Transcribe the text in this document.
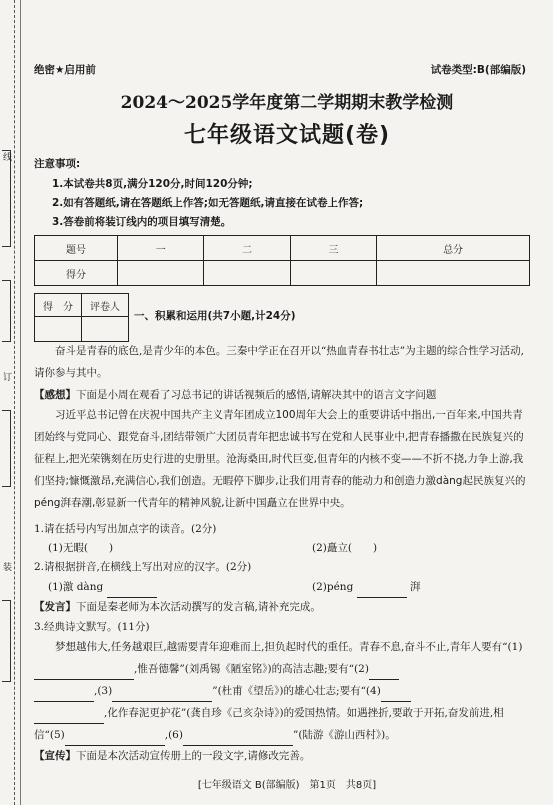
线
订
装
绝密★启用前	试卷类型:B(部编版)
2024～2025学年度第二学期期末教学检测
七年级语文试题(卷)
注意事项:
1.本试卷共8页,满分120分,时间120分钟;
2.如有答题纸,请在答题纸上作答;如无答题纸,请直接在试卷上作答;
3.答卷前将装订线内的项目填写清楚。
题号	一	二	三	总分
得分				
得　分	评卷人

一、积累和运用(共7小题,计24分)
奋斗是青春的底色,是青少年的本色。三秦中学正在召开以“热血青春书壮志”为主题的综合性学习活动,请你参与其中。
【感想】下面是小周在观看了习总书记的讲话视频后的感悟,请解决其中的语言文字问题
习近平总书记曾在庆祝中国共产主义青年团成立100周年大会上的重要讲话中指出,一百年来,中国共青团始终与党同心、跟党奋斗,团结带领广大团员青年把忠诚书写在党和人民事业中,把青春播撒在民族复兴的征程上,把光荣镌刻在历史行进的史册里。沧海桑田,时代巨变,但青年的内核不变——不折不挠,力争上游,我们坚持;慷慨激昂,充满信心,我们创造。无暇停下脚步,让我们用青春的能动力和创造力激dàng起民族复兴的péng湃春潮,彰显新一代青年的精神风貌,让新中国矗立在世界中央。
1.请在括号内写出加点字的读音。(2分)
(1)无暇(　　)	(2)矗立(　　)
2.请根据拼音,在横线上写出对应的汉字。(2分)
(1)激 dàng	(2)péng	湃
【发言】下面是秦老师为本次活动撰写的发言稿,请补充完成。
3.经典诗文默写。(11分)
梦想越伟大,任务越艰巨,越需要青年迎难而上,担负起时代的重任。青春不息,奋斗不止,青年人要有“(1),惟吾德馨”(刘禹锡《陋室铭》)的高洁志趣;要有“(2)
,(3)	”(杜甫《望岳》)的雄心壮志;要有“(4)
,化作春泥更护花”(龚自珍《己亥杂诗》)的爱国热情。如遇挫折,要敢于开拓,奋发前进,相信“(5)	,(6)	”(陆游《游山西村》)。
【宣传】下面是本次活动宣传册上的一段文字,请修改完善。
[七年级语文 B(部编版)　第1页　共8页]
